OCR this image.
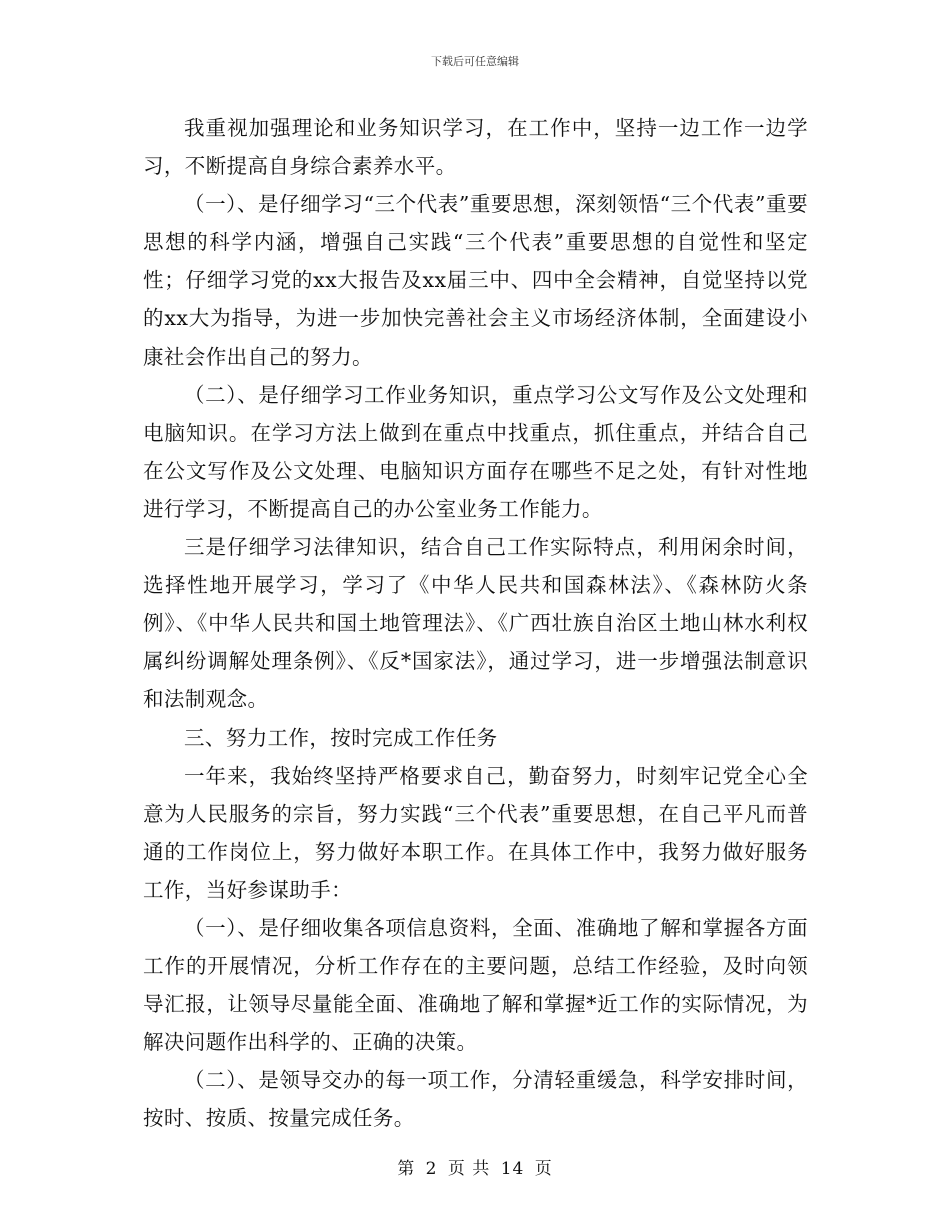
下载后可任意编辑

我重视加强理论和业务知识学习，在工作中，坚持一边工作一边学习，不断提高自身综合素养水平。

（一）、是仔细学习“三个代表”重要思想，深刻领悟“三个代表”重要思想的科学内涵，增强自己实践“三个代表”重要思想的自觉性和坚定性；仔细学习党的xx大报告及xx届三中、四中全会精神，自觉坚持以党的xx大为指导，为进一步加快完善社会主义市场经济体制，全面建设小康社会作出自己的努力。

（二）、是仔细学习工作业务知识，重点学习公文写作及公文处理和电脑知识。在学习方法上做到在重点中找重点，抓住重点，并结合自己在公文写作及公文处理、电脑知识方面存在哪些不足之处，有针对性地进行学习，不断提高自己的办公室业务工作能力。

三是仔细学习法律知识，结合自己工作实际特点，利用闲余时间，选择性地开展学习，学习了《中华人民共和国森林法》、《森林防火条例》、《中华人民共和国土地管理法》、《广西壮族自治区土地山林水利权属纠纷调解处理条例》、《反*国家法》，通过学习，进一步增强法制意识和法制观念。

三、努力工作，按时完成工作任务

一年来，我始终坚持严格要求自己，勤奋努力，时刻牢记党全心全意为人民服务的宗旨，努力实践“三个代表”重要思想，在自己平凡而普通的工作岗位上，努力做好本职工作。在具体工作中，我努力做好服务工作，当好参谋助手：

（一）、是仔细收集各项信息资料，全面、准确地了解和掌握各方面工作的开展情况，分析工作存在的主要问题，总结工作经验，及时向领导汇报，让领导尽量能全面、准确地了解和掌握*近工作的实际情况，为解决问题作出科学的、正确的决策。

（二）、是领导交办的每一项工作，分清轻重缓急，科学安排时间，按时、按质、按量完成任务。

第 2 页 共 14 页
